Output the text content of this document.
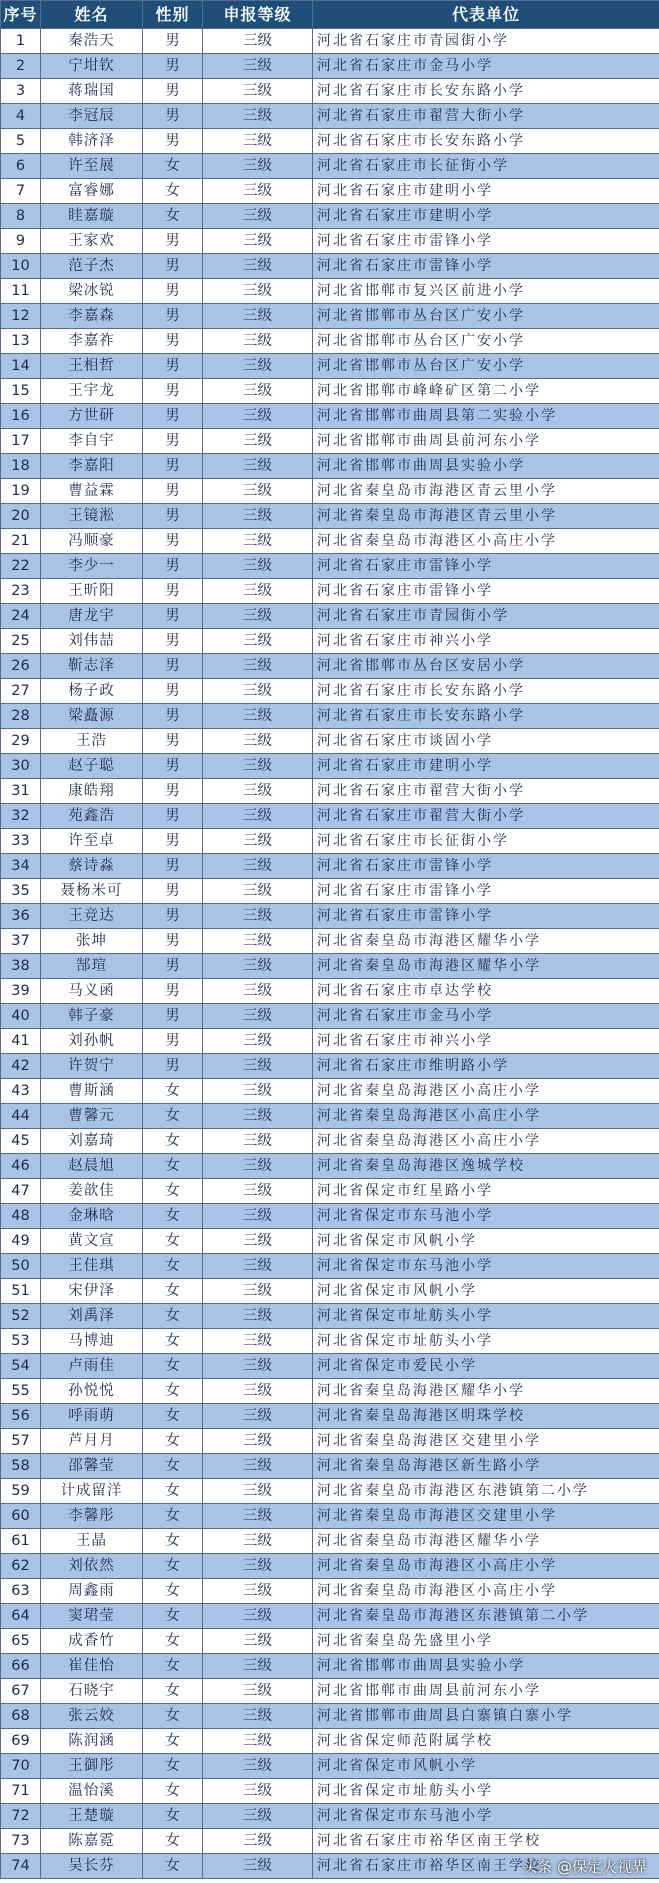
序号	姓名	性别	申报等级	代表单位
1	秦浩天	男	三级	河北省石家庄市青园街小学
2	宁坩钦	男	三级	河北省石家庄市金马小学
3	蒋瑞国	男	三级	河北省石家庄市长安东路小学
4	李冠辰	男	三级	河北省石家庄市翟营大街小学
5	韩济泽	男	三级	河北省石家庄市长安东路小学
6	许至展	女	三级	河北省石家庄市长征街小学
7	富睿娜	女	三级	河北省石家庄市建明小学
8	眭嘉璇	女	三级	河北省石家庄市建明小学
9	王家欢	男	三级	河北省石家庄市雷锋小学
10	范子杰	男	三级	河北省石家庄市雷锋小学
11	梁冰锐	男	三级	河北省邯郸市复兴区前进小学
12	李嘉森	男	三级	河北省邯郸市丛台区广安小学
13	李嘉祚	男	三级	河北省邯郸市丛台区广安小学
14	王相哲	男	三级	河北省邯郸市丛台区广安小学
15	王宇龙	男	三级	河北省邯郸市峰峰矿区第二小学
16	方世研	男	三级	河北省邯郸市曲周县第二实验小学
17	李自宇	男	三级	河北省邯郸市曲周县前河东小学
18	李嘉阳	男	三级	河北省邯郸市曲周县实验小学
19	曹益霖	男	三级	河北省秦皇岛市海港区青云里小学
20	王镜淞	男	三级	河北省秦皇岛市海港区青云里小学
21	冯顺豪	男	三级	河北省秦皇岛市海港区小高庄小学
22	李少一	男	三级	河北省石家庄市雷锋小学
23	王昕阳	男	三级	河北省石家庄市雷锋小学
24	唐龙宇	男	三级	河北省石家庄市青园街小学
25	刘伟喆	男	三级	河北省石家庄市神兴小学
26	靳志泽	男	三级	河北省邯郸市丛台区安居小学
27	杨子政	男	三级	河北省石家庄市长安东路小学
28	梁矗源	男	三级	河北省石家庄市长安东路小学
29	王浩	男	三级	河北省石家庄市谈固小学
30	赵子聪	男	三级	河北省石家庄市建明小学
31	康皓翔	男	三级	河北省石家庄市翟营大街小学
32	苑鑫浩	男	三级	河北省石家庄市翟营大街小学
33	许至卓	男	三级	河北省石家庄市长征街小学
34	蔡诗淼	男	三级	河北省石家庄市雷锋小学
35	聂杨米可	男	三级	河北省石家庄市雷锋小学
36	王竞达	男	三级	河北省石家庄市雷锋小学
37	张坤	男	三级	河北省秦皇岛市海港区耀华小学
38	郜瑄	男	三级	河北省秦皇岛市海港区耀华小学
39	马义函	男	三级	河北省石家庄市卓达学校
40	韩子豪	男	三级	河北省石家庄市金马小学
41	刘孙帆	男	三级	河北省石家庄市神兴小学
42	许贺宁	男	三级	河北省石家庄市维明路小学
43	曹斯涵	女	三级	河北省秦皇岛海港区小高庄小学
44	曹馨元	女	三级	河北省秦皇岛海港区小高庄小学
45	刘嘉琦	女	三级	河北省秦皇岛海港区小高庄小学
46	赵晨旭	女	三级	河北省秦皇岛海港区逸城学校
47	姜歆佳	女	三级	河北省保定市红星路小学
48	金琳晗	女	三级	河北省保定市东马池小学
49	黄文宣	女	三级	河北省保定市风帆小学
50	王佳琪	女	三级	河北省保定市东马池小学
51	宋伊泽	女	三级	河北省保定市风帆小学
52	刘禹泽	女	三级	河北省保定市址舫头小学
53	马博迪	女	三级	河北省保定市址舫头小学
54	卢雨佳	女	三级	河北省保定市爱民小学
55	孙悦悦	女	三级	河北省秦皇岛海港区耀华小学
56	呼雨萌	女	三级	河北省秦皇岛海港区明珠学校
57	芦月月	女	三级	河北省秦皇岛海港区交建里小学
58	邵馨莹	女	三级	河北省秦皇岛海港区新生路小学
59	计成留洋	女	三级	河北省秦皇岛市海港区东港镇第二小学
60	李馨彤	女	三级	河北省秦皇岛市海港区交建里小学
61	王晶	女	三级	河北省秦皇岛市海港区耀华小学
62	刘依然	女	三级	河北省秦皇岛市海港区小高庄小学
63	周鑫雨	女	三级	河北省秦皇岛市海港区小高庄小学
64	窦珺莹	女	三级	河北省秦皇岛市海港区东港镇第二小学
65	成香竹	女	三级	河北省秦皇岛先盛里小学
66	崔佳怡	女	三级	河北省邯郸市曲周县实验小学
67	石晓宇	女	三级	河北省邯郸市曲周县前河东小学
68	张云姣	女	三级	河北省邯郸市曲周县白寨镇白寨小学
69	陈润涵	女	三级	河北省保定师范附属学校
70	王御彤	女	三级	河北省保定市风帆小学
71	温怡溪	女	三级	河北省保定市址舫头小学
72	王楚璇	女	三级	河北省保定市东马池小学
73	陈嘉霓	女	三级	河北省石家庄市裕华区南王学校
74	吴长芬	女	三级	河北省石家庄市裕华区南王学校
头条 @保定火视界
